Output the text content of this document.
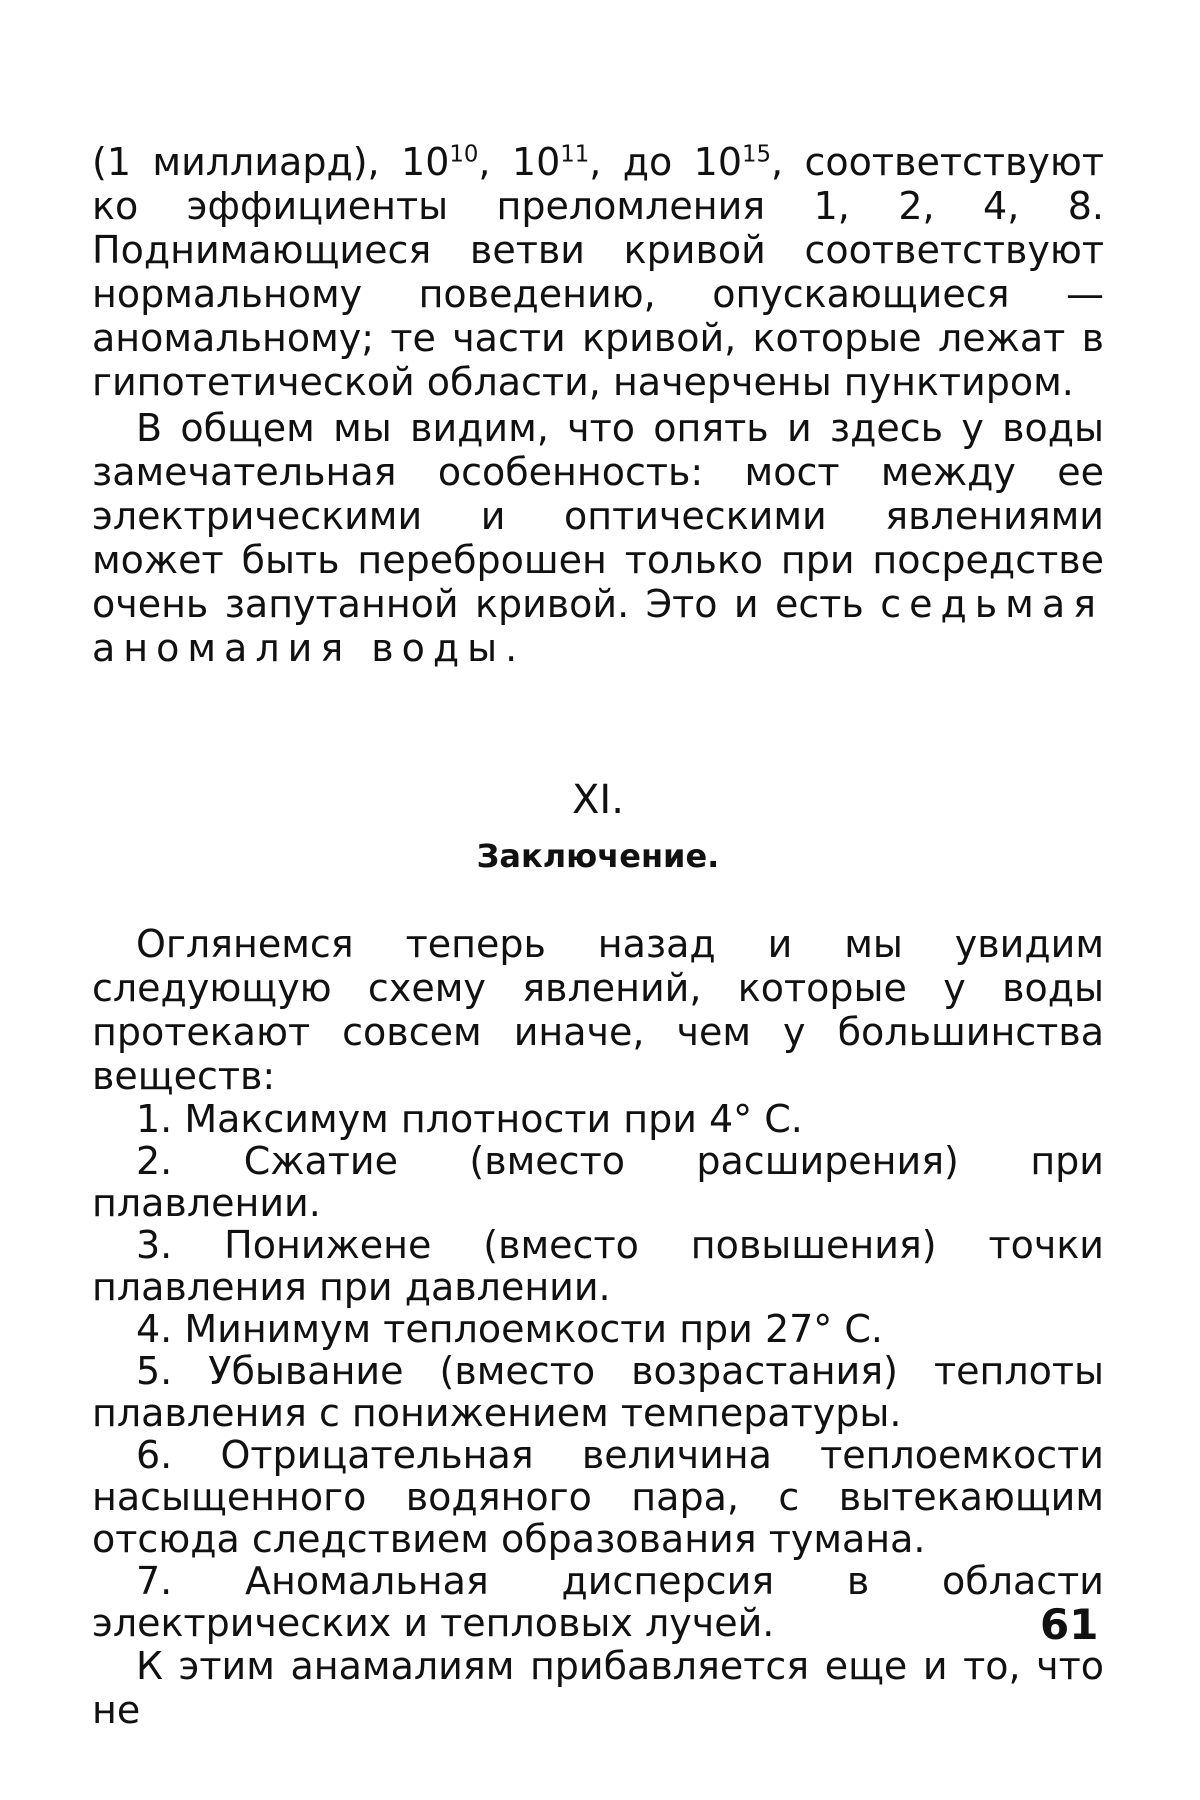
(1 миллиард), $10^{10}$, $10^{11}$, до $10^{15}$, соответствуют ко эффициенты преломления 1, 2, 4, 8. Поднимающиеся ветви кривой соответствуют нормальному поведению, опускающиеся — аномальному; те части кривой, которые лежат в гипотетической области, начерчены пунктиром.

В общем мы видим, что опять и здесь у воды замечательная особенность: мост между ее электрическими и оптическими явлениями может быть переброшен только при посредстве очень запутанной кривой. Это и есть седьмая аномалия воды.

XI.
Заключение.

Оглянемся теперь назад и мы увидим следующую схему явлений, которые у воды протекают совсем иначе, чем у большинства веществ:

1. Максимум плотности при 4° С.

2. Сжатие (вместо расширения) при плавлении.

3. Понижене (вместо повышения) точки плавления при давлении.

4. Минимум теплоемкости при 27° С.

5. Убывание (вместо возрастания) теплоты плавления с понижением температуры.

6. Отрицательная величина теплоемкости насыщенного водяного пара, с вытекающим отсюда следствием образования тумана.

7. Аномальная дисперсия в области электрических и тепловых лучей.

К этим анамалиям прибавляется еще и то, что не

61
